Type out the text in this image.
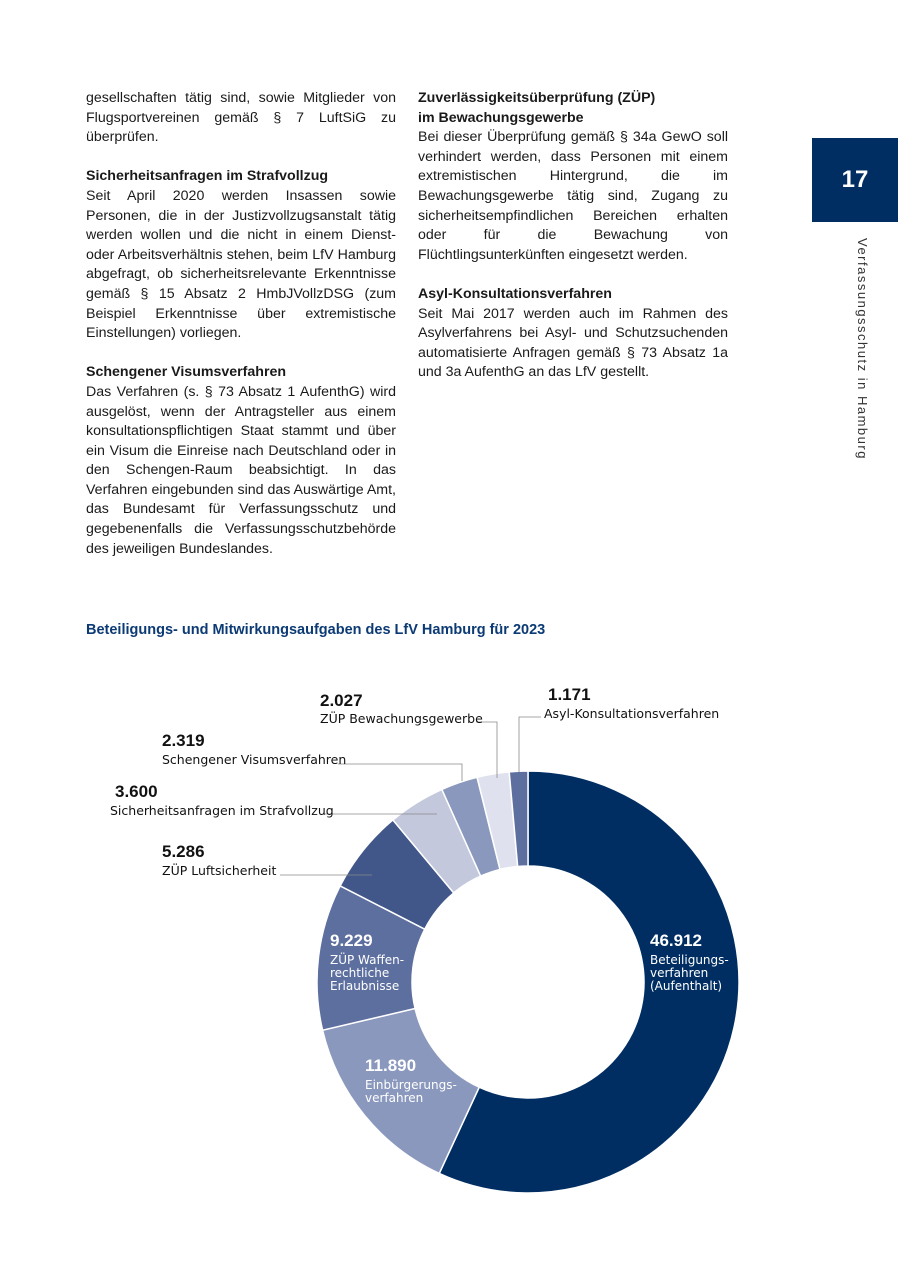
gesellschaften tätig sind, sowie Mitglieder von Flugsportvereinen gemäß § 7 LuftSiG zu überprüfen.

Sicherheitsanfragen im Strafvollzug

Seit April 2020 werden Insassen sowie Personen, die in der Justizvollzugsanstalt tätig werden wollen und die nicht in einem Dienst- oder Arbeitsverhältnis stehen, beim LfV Hamburg abgefragt, ob sicherheitsrelevante Erkenntnisse gemäß § 15 Absatz 2 HmbJVollzDSG (zum Beispiel Erkenntnisse über extremistische Einstellungen) vorliegen.

Schengener Visumsverfahren

Das Verfahren (s. § 73 Absatz 1 AufenthG) wird ausgelöst, wenn der Antragsteller aus einem konsultationspflichtigen Staat stammt und über ein Visum die Einreise nach Deutschland oder in den Schengen-Raum beabsichtigt. In das Verfahren eingebunden sind das Auswärtige Amt, das Bundesamt für Verfassungsschutz und gegebenenfalls die Verfassungsschutzbehörde des jeweiligen Bundeslandes.

Zuverlässigkeitsüberprüfung (ZÜP)
im Bewachungsgewerbe

Bei dieser Überprüfung gemäß § 34a GewO soll verhindert werden, dass Personen mit einem extremistischen Hintergrund, die im Bewachungsgewerbe tätig sind, Zugang zu sicherheitsempfindlichen Bereichen erhalten oder für die Bewachung von Flüchtlingsunterkünften eingesetzt werden.

Asyl-Konsultationsverfahren

Seit Mai 2017 werden auch im Rahmen des Asylverfahrens bei Asyl- und Schutzsuchenden automatisierte Anfragen gemäß § 73 Absatz 1a und 3a AufenthG an das LfV gestellt.

17
Verfassungsschutz in Hamburg
Beteiligungs- und Mitwirkungsaufgaben des LfV Hamburg für 2023
46.912
Beteiligungs-
verfahren
(Aufenthalt)
11.890
Einbürgerungs-
verfahren
9.229
ZÜP Waffen-
rechtliche
Erlaubnisse
5.286
ZÜP Luftsicherheit
3.600
Sicherheitsanfragen im Strafvollzug
2.319
Schengener Visumsverfahren
2.027
ZÜP Bewachungsgewerbe
1.171
Asyl-Konsultationsverfahren
